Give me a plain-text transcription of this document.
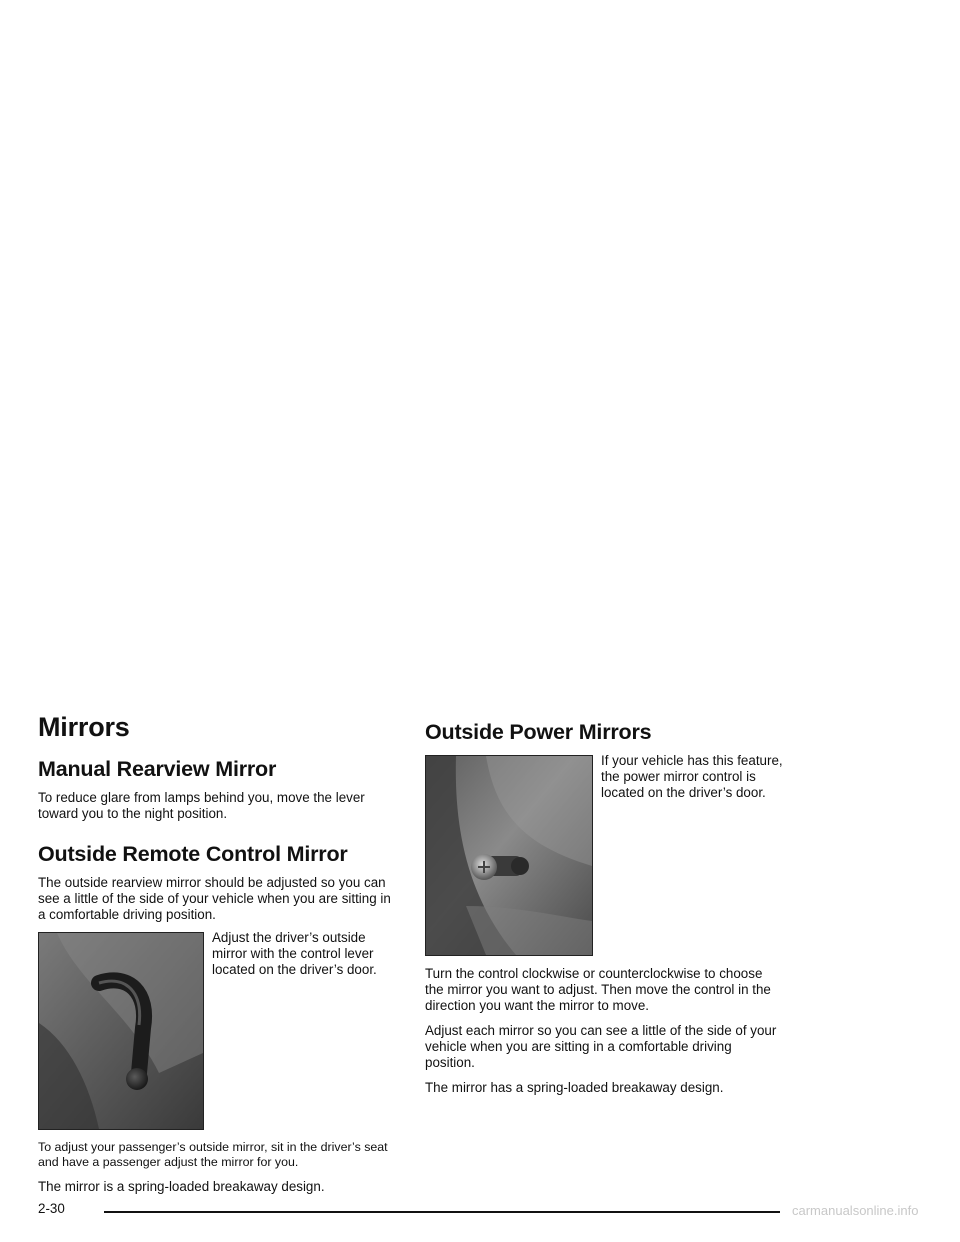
Mirrors
Manual Rearview Mirror

To reduce glare from lamps behind you, move the lever toward you to the night position.

Outside Remote Control Mirror

The outside rearview mirror should be adjusted so you can see a little of the side of your vehicle when you are sitting in a comfortable driving position.

Adjust the driver’s outside mirror with the control lever located on the driver’s door.

To adjust your passenger’s outside mirror, sit in the driver’s seat and have a passenger adjust the mirror for you.

The mirror is a spring-loaded breakaway design.

Outside Power Mirrors

If your vehicle has this feature, the power mirror control is located on the driver’s door.

Turn the control clockwise or counterclockwise to choose the mirror you want to adjust. Then move the control in the direction you want the mirror to move.

Adjust each mirror so you can see a little of the side of your vehicle when you are sitting in a comfortable driving position.

The mirror has a spring-loaded breakaway design.

2-30	carmanualsonline.info
